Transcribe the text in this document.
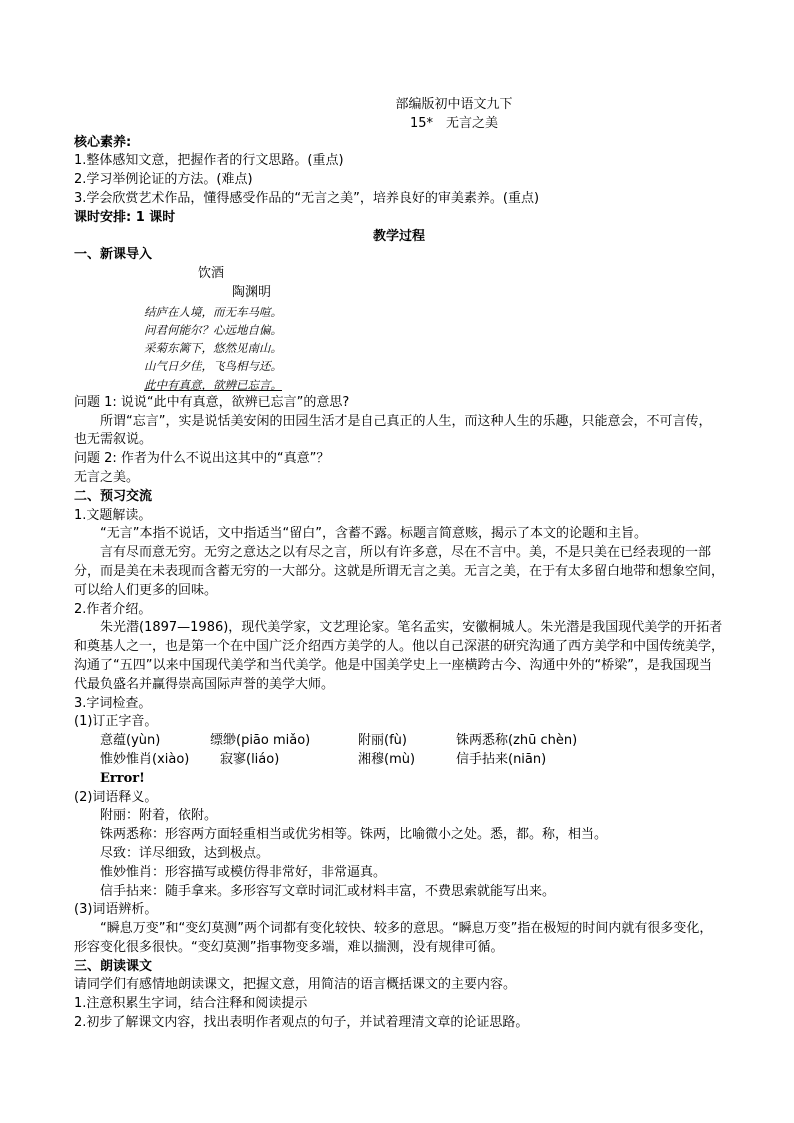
部编版初中语文九下
15*　无言之美
核心素养:
1.整体感知文意，把握作者的行文思路。(重点)
2.学习举例论证的方法。(难点)
3.学会欣赏艺术作品，懂得感受作品的“无言之美”，培养良好的审美素养。(重点)
课时安排: 1 课时
教学过程
一、新课导入
饮酒
陶渊明
结庐在人境，而无车马喧。
问君何能尔？心远地自偏。
采菊东篱下，悠然见南山。
山气日夕佳，飞鸟相与还。
此中有真意，欲辨已忘言。
问题 1: 说说“此中有真意，欲辨已忘言”的意思?
所谓“忘言”，实是说恬美安闲的田园生活才是自己真正的人生，而这种人生的乐趣，只能意会，不可言传，也无需叙说。
问题 2: 作者为什么不说出这其中的“真意”？
无言之美。
二、预习交流
1.文题解读。
“无言”本指不说话，文中指适当“留白”，含蓄不露。标题言简意赅，揭示了本文的论题和主旨。
言有尽而意无穷。无穷之意达之以有尽之言，所以有许多意，尽在不言中。美，不是只美在已经表现的一部分，而是美在未表现而含蓄无穷的一大部分。这就是所谓无言之美。无言之美，在于有太多留白地带和想象空间，可以给人们更多的回味。
2.作者介绍。
朱光潜(1897—1986)，现代美学家，文艺理论家。笔名孟实，安徽桐城人。朱光潜是我国现代美学的开拓者和奠基人之一，也是第一个在中国广泛介绍西方美学的人。他以自己深湛的研究沟通了西方美学和中国传统美学，沟通了“五四”以来中国现代美学和当代美学。他是中国美学史上一座横跨古今、沟通中外的“桥梁”，是我国现当代最负盛名并赢得崇高国际声誉的美学大师。
3.字词检查。
(1)订正字音。
意蕴(yùn)	缥缈(piāo miǎo)	附丽(fù)	铢两悉称(zhū chèn)
惟妙惟肖(xiào)	寂寥(liáo)	湘穆(mù)	信手拈来(niān)
Error!
(2)词语释义。
附丽：附着，依附。
铢两悉称：形容两方面轻重相当或优劣相等。铢两，比喻微小之处。悉，都。称，相当。
尽致：详尽细致，达到极点。
惟妙惟肖：形容描写或模仿得非常好，非常逼真。
信手拈来：随手拿来。多形容写文章时词汇或材料丰富，不费思索就能写出来。
(3)词语辨析。
“瞬息万变”和“变幻莫测”两个词都有变化较快、较多的意思。“瞬息万变”指在极短的时间内就有很多变化，形容变化很多很快。“变幻莫测”指事物变多端，难以揣测，没有规律可循。
三、朗读课文
请同学们有感情地朗读课文，把握文意，用简洁的语言概括课文的主要内容。
1.注意积累生字词，结合注释和阅读提示
2.初步了解课文内容，找出表明作者观点的句子，并试着理清文章的论证思路。
